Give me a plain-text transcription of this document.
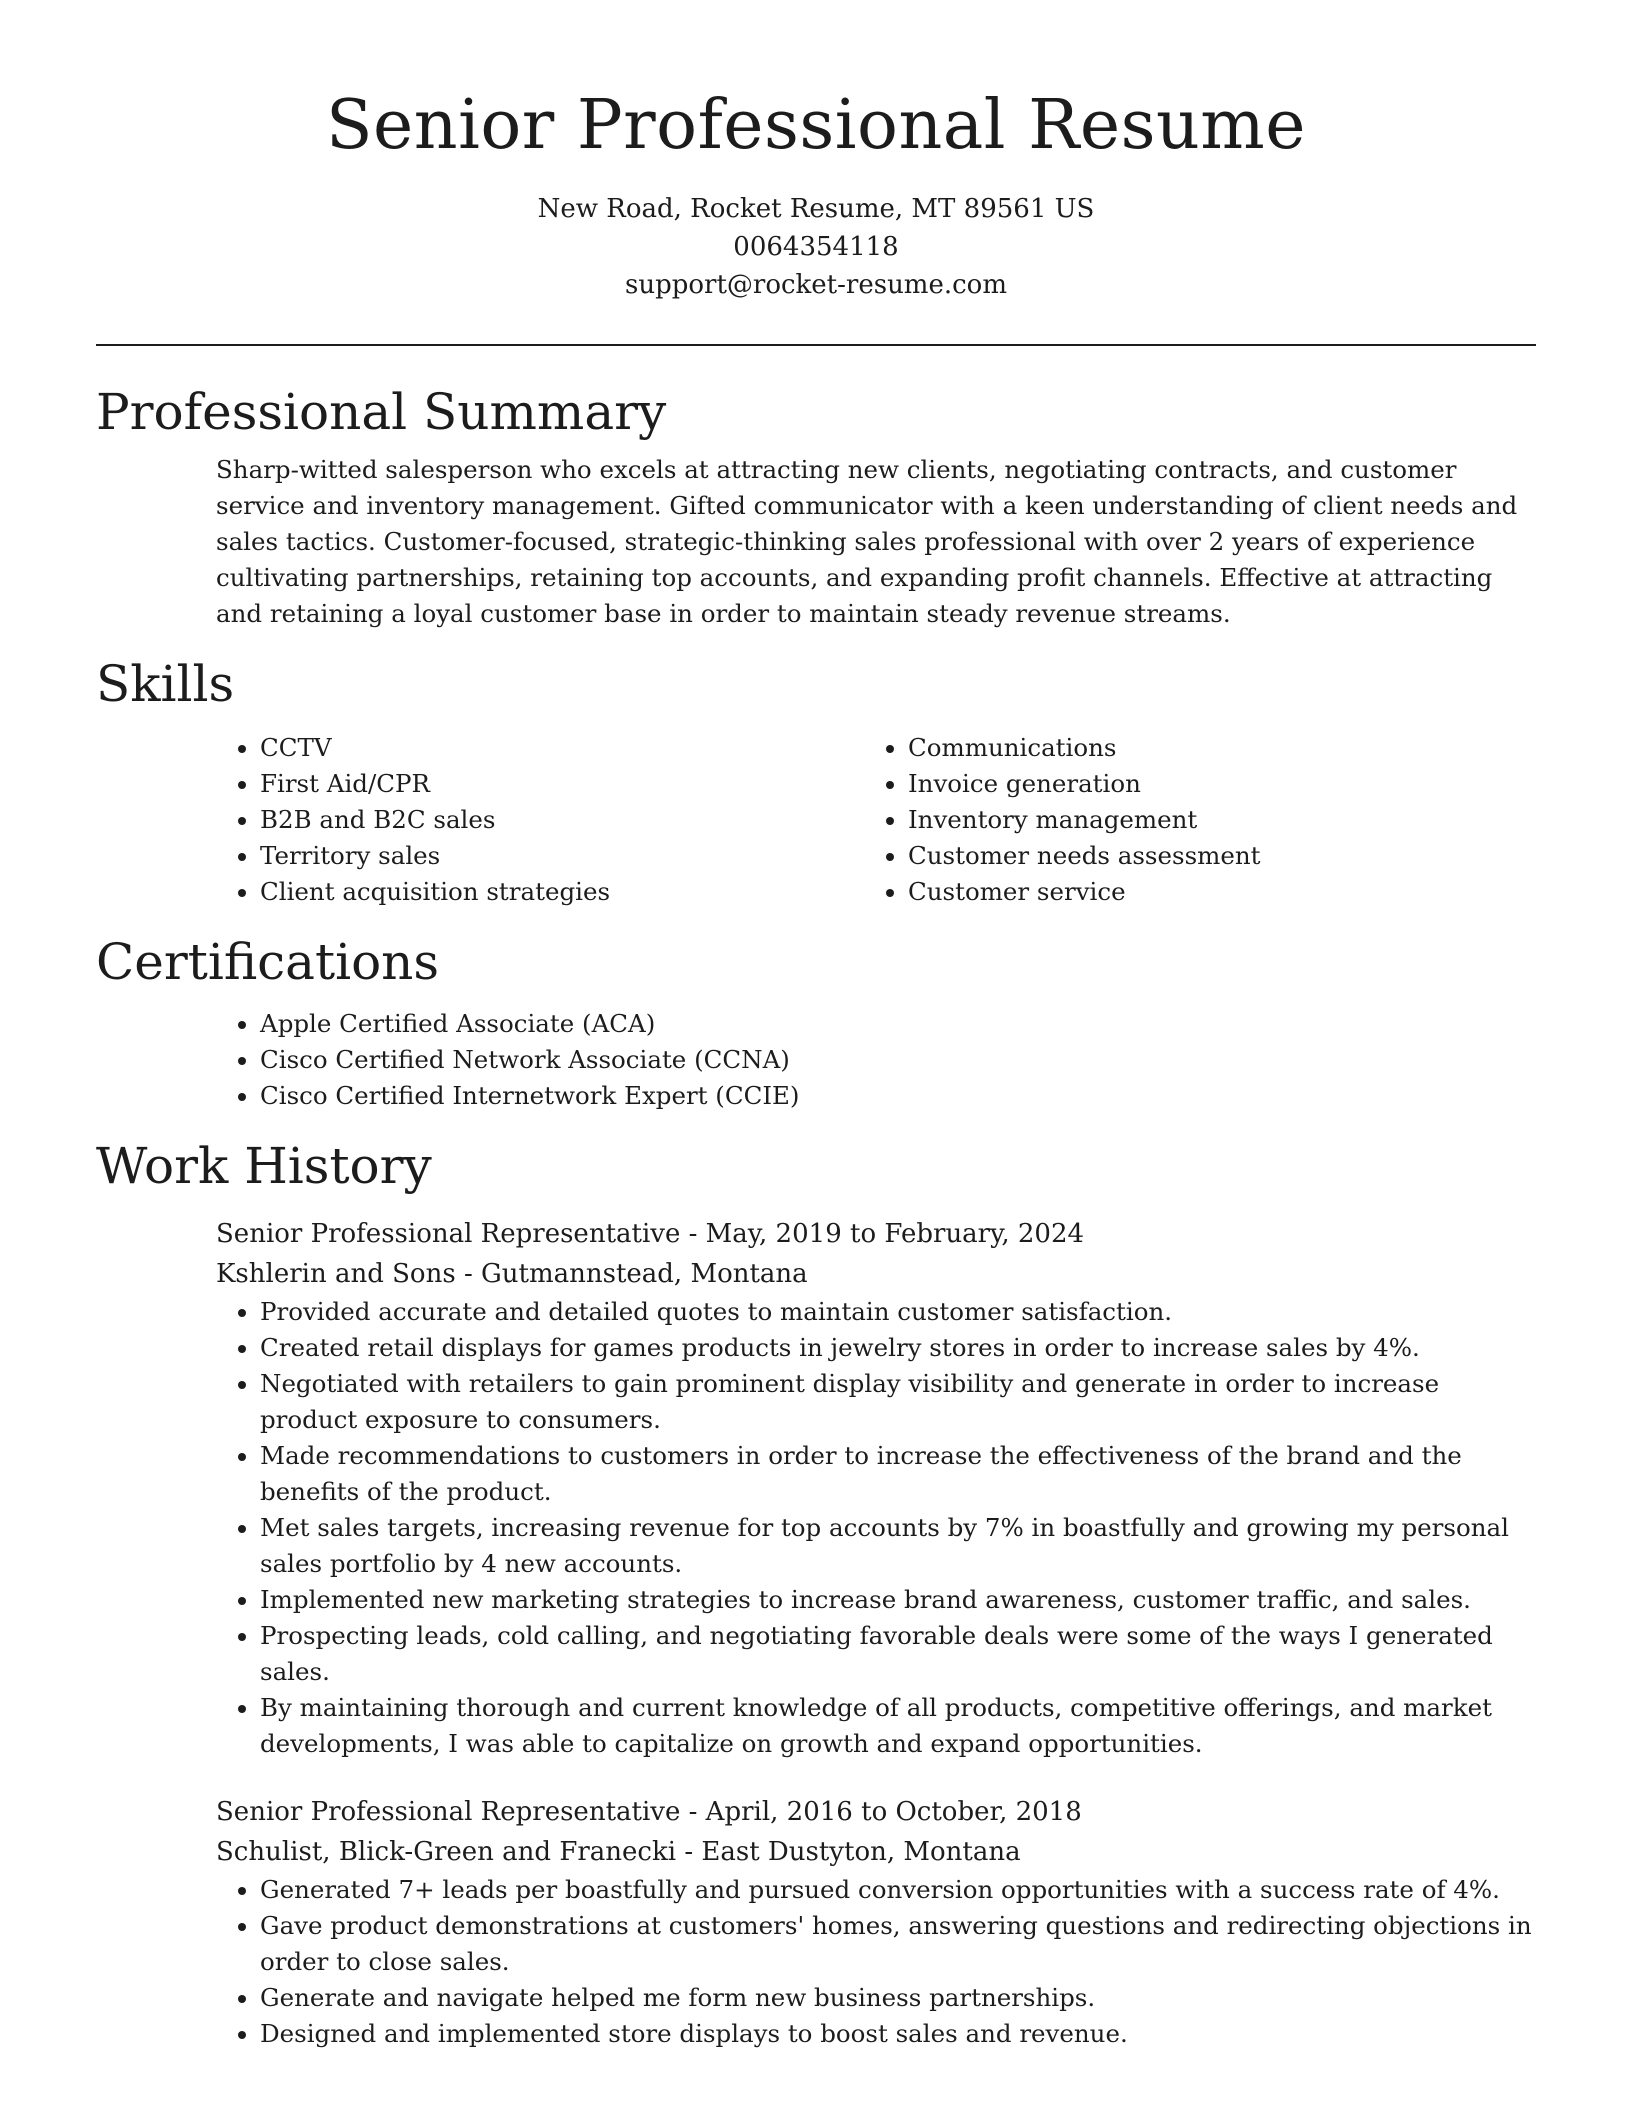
Senior Professional Resume

New Road, Rocket Resume, MT 89561 US

0064354118

support@rocket-resume.com

Professional Summary

Sharp-witted salesperson who excels at attracting new clients, negotiating contracts, and customer service and inventory management. Gifted communicator with a keen understanding of client needs and sales tactics. Customer-focused, strategic-thinking sales professional with over 2 years of experience cultivating partnerships, retaining top accounts, and expanding profit channels. Effective at attracting and retaining a loyal customer base in order to maintain steady revenue streams.

Skills
• CCTV
• First Aid/CPR
• B2B and B2C sales
• Territory sales
• Client acquisition strategies
• Communications
• Invoice generation
• Inventory management
• Customer needs assessment
• Customer service
Certifications
• Apple Certified Associate (ACA)
• Cisco Certified Network Associate (CCNA)
• Cisco Certified Internetwork Expert (CCIE)
Work History

Senior Professional Representative - May, 2019 to February, 2024

Kshlerin and Sons - Gutmannstead, Montana

• Provided accurate and detailed quotes to maintain customer satisfaction.
• Created retail displays for games products in jewelry stores in order to increase sales by 4%.
• Negotiated with retailers to gain prominent display visibility and generate in order to increase product exposure to consumers.
• Made recommendations to customers in order to increase the effectiveness of the brand and the benefits of the product.
• Met sales targets, increasing revenue for top accounts by 7% in boastfully and growing my personal sales portfolio by 4 new accounts.
• Implemented new marketing strategies to increase brand awareness, customer traffic, and sales.
• Prospecting leads, cold calling, and negotiating favorable deals were some of the ways I generated sales.
• By maintaining thorough and current knowledge of all products, competitive offerings, and market developments, I was able to capitalize on growth and expand opportunities.

Senior Professional Representative - April, 2016 to October, 2018

Schulist, Blick-Green and Franecki - East Dustyton, Montana

• Generated 7+ leads per boastfully and pursued conversion opportunities with a success rate of 4%.
• Gave product demonstrations at customers' homes, answering questions and redirecting objections in order to close sales.
• Generate and navigate helped me form new business partnerships.
• Designed and implemented store displays to boost sales and revenue.
